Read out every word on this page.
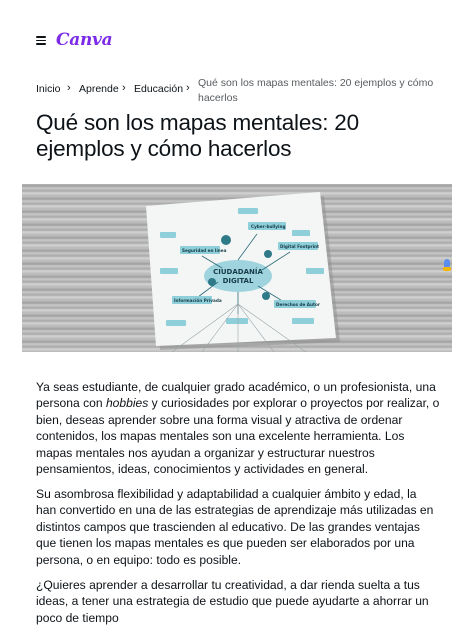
Canva
Inicio › Aprende › Educación › Qué son los mapas mentales: 20 ejemplos y cómo hacerlos
Qué son los mapas mentales: 20 ejemplos y cómo hacerlos
CIUDADANÍA
DIGITAL
Cyber-bullying
Seguridad en línea
Digital Footprint
Información Privada
Derechos de Autor

Ya seas estudiante, de cualquier grado académico, o un profesionista, una persona con hobbies y curiosidades por explorar o proyectos por realizar, o bien, deseas aprender sobre una forma visual y atractiva de ordenar contenidos, los mapas mentales son una excelente herramienta. Los mapas mentales nos ayudan a organizar y estructurar nuestros pensamientos, ideas, conocimientos y actividades en general.

Su asombrosa flexibilidad y adaptabilidad a cualquier ámbito y edad, la han convertido en una de las estrategias de aprendizaje más utilizadas en distintos campos que trascienden al educativo. De las grandes ventajas que tienen los mapas mentales es que pueden ser elaborados por una persona, o en equipo: todo es posible.

¿Quieres aprender a desarrollar tu creatividad, a dar rienda suelta a tus ideas, a tener una estrategia de estudio que puede ayudarte a ahorrar un poco de tiempo
